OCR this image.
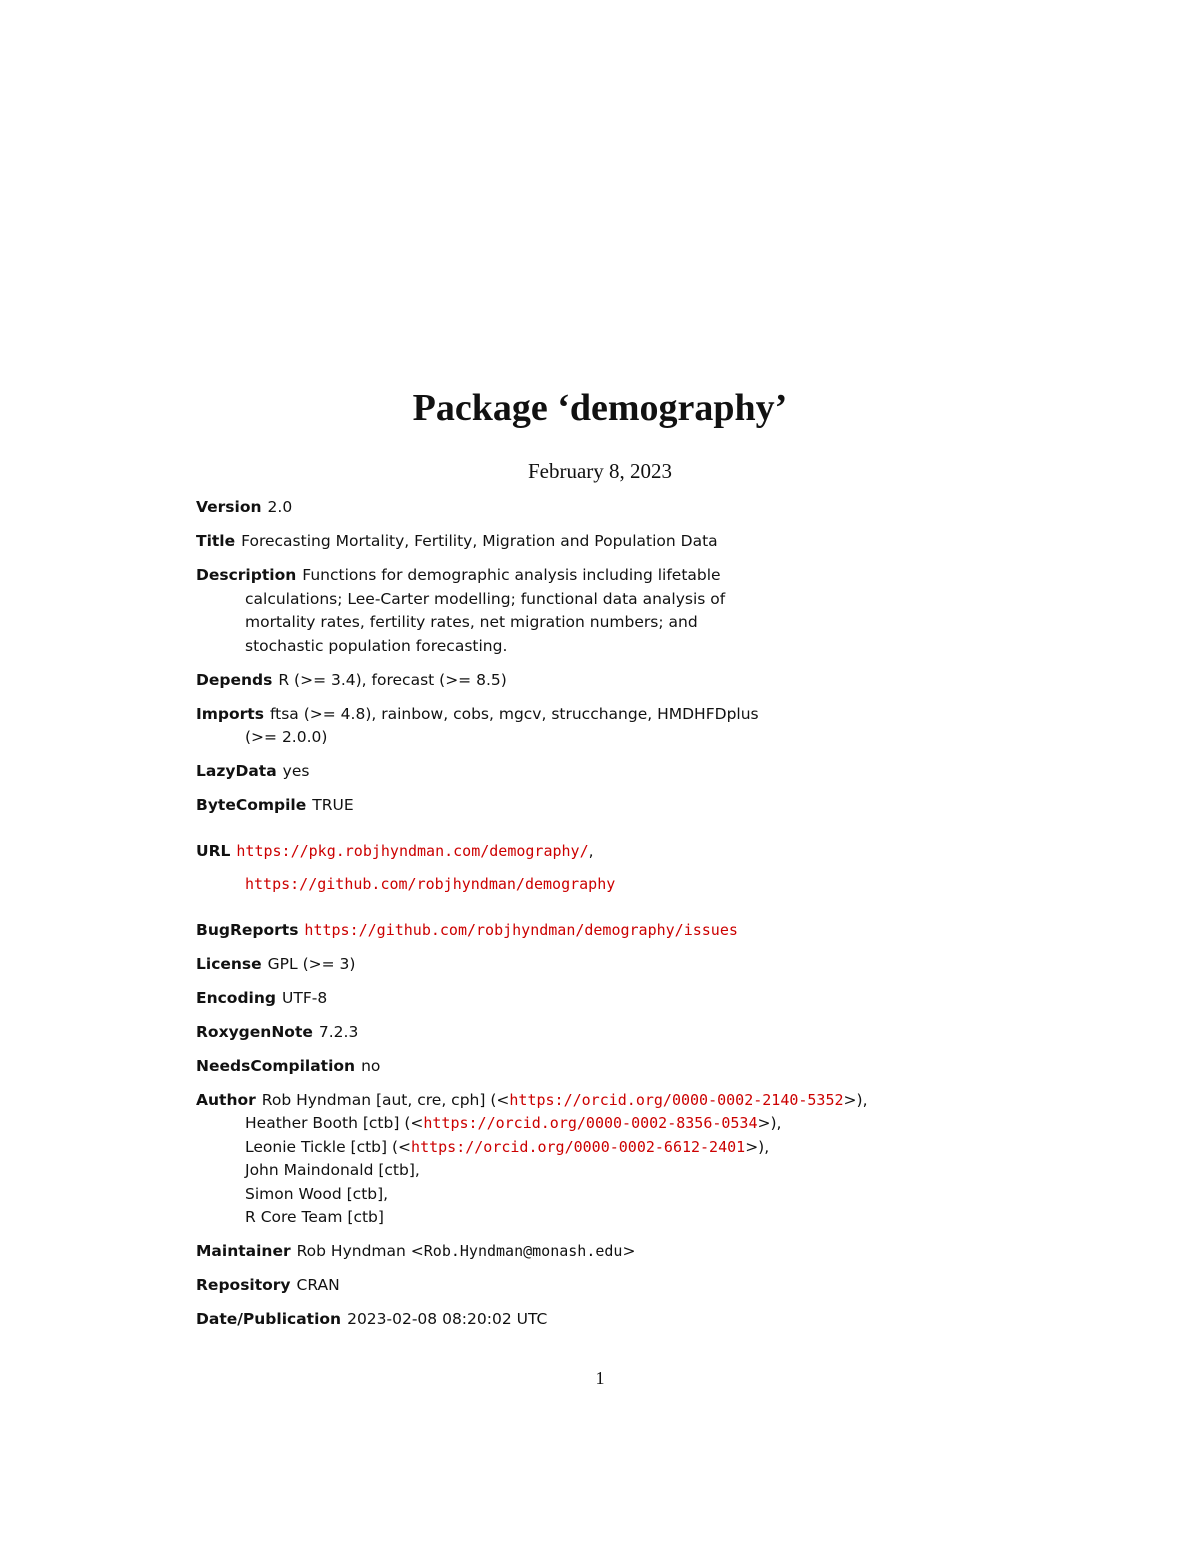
Package ‘demography’
February 8, 2023
Version 2.0
Title Forecasting Mortality, Fertility, Migration and Population Data
Description Functions for demographic analysis including lifetable
calculations; Lee-Carter modelling; functional data analysis of
mortality rates, fertility rates, net migration numbers; and
stochastic population forecasting.
Depends R (>= 3.4), forecast (>= 8.5)
Imports ftsa (>= 4.8), rainbow, cobs, mgcv, strucchange, HMDHFDplus
(>= 2.0.0)
LazyData yes
ByteCompile TRUE
URL https://pkg.robjhyndman.com/demography/,
https://github.com/robjhyndman/demography
BugReports https://github.com/robjhyndman/demography/issues
License GPL (>= 3)
Encoding UTF-8
RoxygenNote 7.2.3
NeedsCompilation no
Author Rob Hyndman [aut, cre, cph] (<https://orcid.org/0000-0002-2140-5352>),
Heather Booth [ctb] (<https://orcid.org/0000-0002-8356-0534>),
Leonie Tickle [ctb] (<https://orcid.org/0000-0002-6612-2401>),
John Maindonald [ctb],
Simon Wood [ctb],
R Core Team [ctb]
Maintainer Rob Hyndman <Rob.Hyndman@monash.edu>
Repository CRAN
Date/Publication 2023-02-08 08:20:02 UTC
1
